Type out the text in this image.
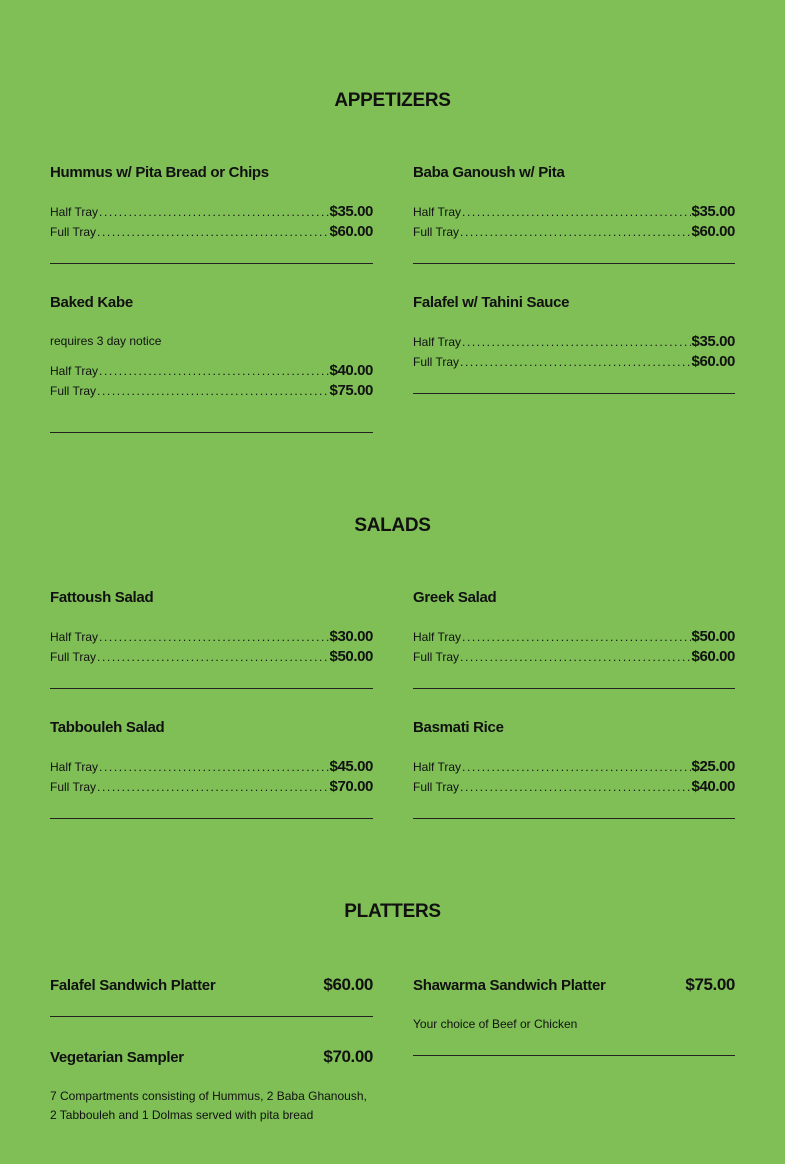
APPETIZERS
Hummus w/ Pita Bread or Chips
Half Tray .....	$35.00
Full Tray .....	$60.00
Baba Ganoush w/ Pita
Half Tray .....	$35.00
Full Tray .....	$60.00
Baked Kabe
requires 3 day notice
Half Tray .....	$40.00
Full Tray .....	$75.00
Falafel w/ Tahini Sauce
Half Tray .....	$35.00
Full Tray .....	$60.00
SALADS
Fattoush Salad
Half Tray .....	$30.00
Full Tray .....	$50.00
Greek Salad
Half Tray .....	$50.00
Full Tray .....	$60.00
Tabbouleh Salad
Half Tray .....	$45.00
Full Tray .....	$70.00
Basmati Rice
Half Tray .....	$25.00
Full Tray .....	$40.00
PLATTERS
Falafel Sandwich Platter	$60.00	Shawarma Sandwich Platter	$75.00
Your choice of Beef or Chicken
Vegetarian Sampler	$70.00
7 Compartments consisting of Hummus, 2 Baba Ghanoush, 2 Tabbouleh and 1 Dolmas served with pita bread
